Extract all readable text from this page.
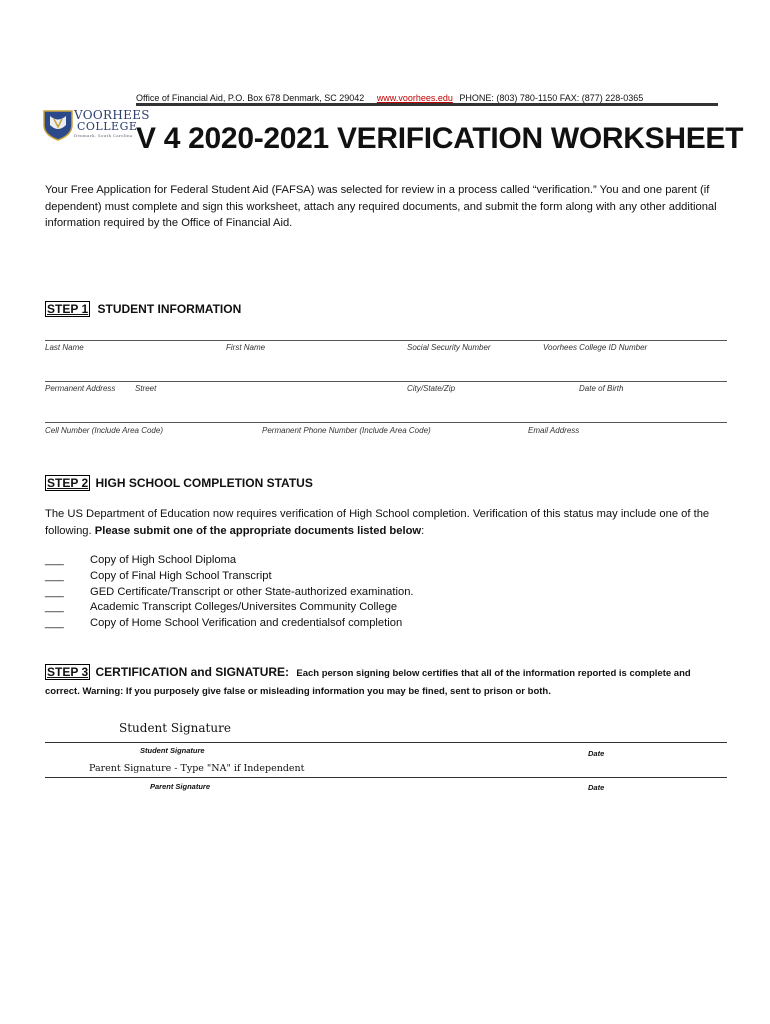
Office of Financial Aid, P.O. Box 678 Denmark, SC 29042 www.voorhees.edu PHONE: (803) 780-1150 FAX: (877) 228-0365
VOORHEES
COLLEGE
Denmark, South Carolina V 4 2020-2021 VERIFICATION WORKSHEET
Your Free Application for Federal Student Aid (FAFSA) was selected for review in a process called “verification.” You and one parent (if dependent) must complete and sign this worksheet, attach any required documents, and submit the form along with any other additional information required by the Office of Financial Aid.
STEP 1 STUDENT INFORMATION
Last Name	First Name	Social Security Number	Voorhees College ID Number
Permanent Address Street	City/State/Zip	Date of Birth
Cell Number (Include Area Code)	Permanent Phone Number (Include Area Code)	Email Address
STEP 2 HIGH SCHOOL COMPLETION STATUS
The US Department of Education now requires verification of High School completion. Verification of this status may include one of the following. Please submit one of the appropriate documents listed below:
___	Copy of High School Diploma
___	Copy of Final High School Transcript
___	GED Certificate/Transcript or other State-authorized examination.
___	Academic Transcript Colleges/Universites Community College
___	Copy of Home School Verification and credentialsof completion
STEP 3 CERTIFICATION and SIGNATURE: Each person signing below certifies that all of the information reported is complete and
correct. Warning: If you purposely give false or misleading information you may be fined, sent to prison or both.
Student Signature
Student Signature	Date
Parent Signature - Type "NA" if Independent
Parent Signature	Date
